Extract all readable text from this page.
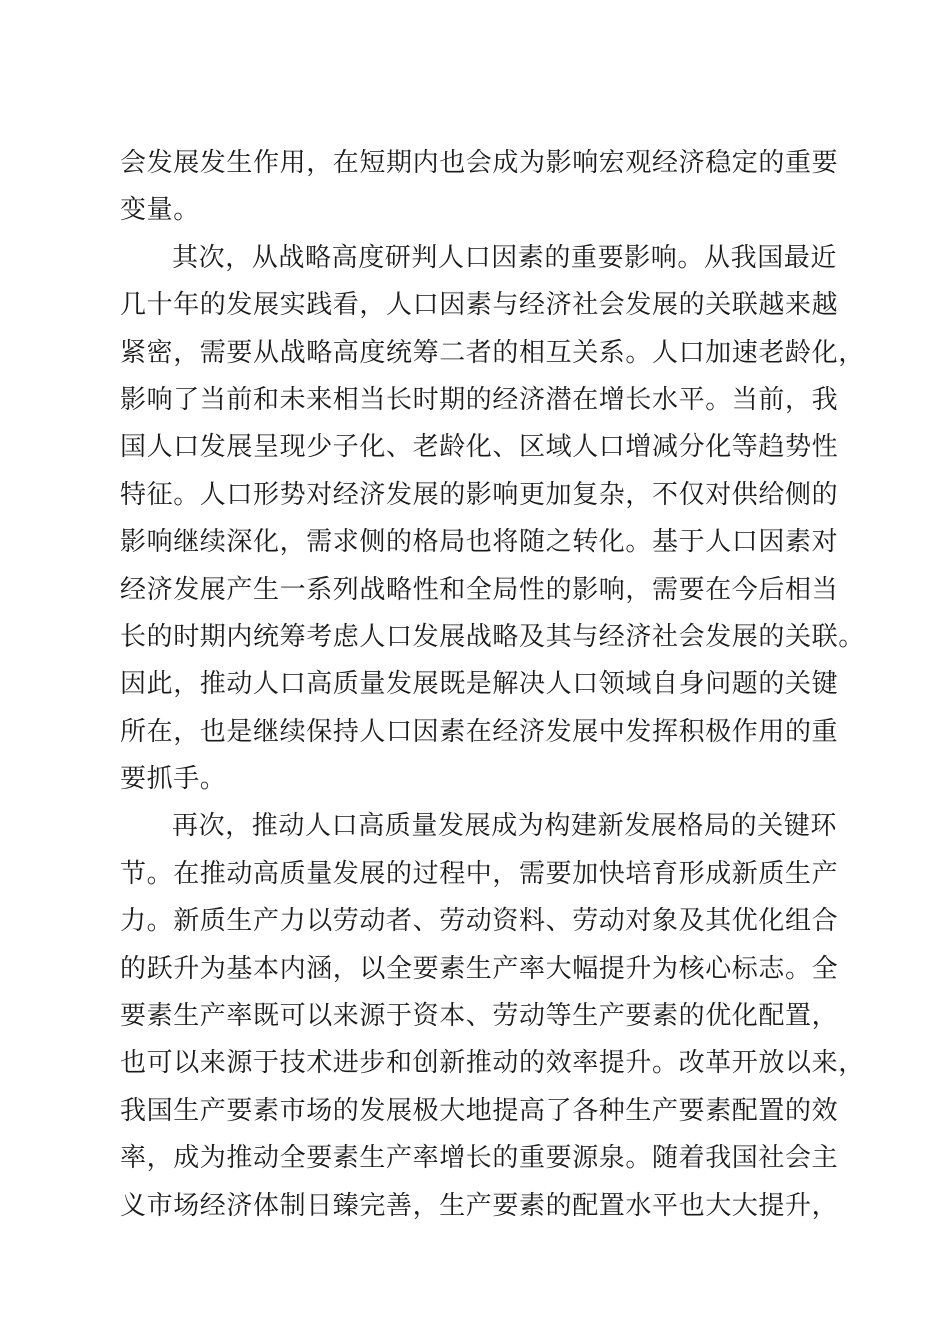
会发展发生作用，在短期内也会成为影响宏观经济稳定的重要
变量。
其次，从战略高度研判人口因素的重要影响。从我国最近
几十年的发展实践看，人口因素与经济社会发展的关联越来越
紧密，需要从战略高度统筹二者的相互关系。人口加速老龄化，
影响了当前和未来相当长时期的经济潜在增长水平。当前，我
国人口发展呈现少子化、老龄化、区域人口增减分化等趋势性
特征。人口形势对经济发展的影响更加复杂，不仅对供给侧的
影响继续深化，需求侧的格局也将随之转化。基于人口因素对
经济发展产生一系列战略性和全局性的影响，需要在今后相当
长的时期内统筹考虑人口发展战略及其与经济社会发展的关联。
因此，推动人口高质量发展既是解决人口领域自身问题的关键
所在，也是继续保持人口因素在经济发展中发挥积极作用的重
要抓手。
再次，推动人口高质量发展成为构建新发展格局的关键环
节。在推动高质量发展的过程中，需要加快培育形成新质生产
力。新质生产力以劳动者、劳动资料、劳动对象及其优化组合
的跃升为基本内涵，以全要素生产率大幅提升为核心标志。全
要素生产率既可以来源于资本、劳动等生产要素的优化配置，
也可以来源于技术进步和创新推动的效率提升。改革开放以来，
我国生产要素市场的发展极大地提高了各种生产要素配置的效
率，成为推动全要素生产率增长的重要源泉。随着我国社会主
义市场经济体制日臻完善，生产要素的配置水平也大大提升，
